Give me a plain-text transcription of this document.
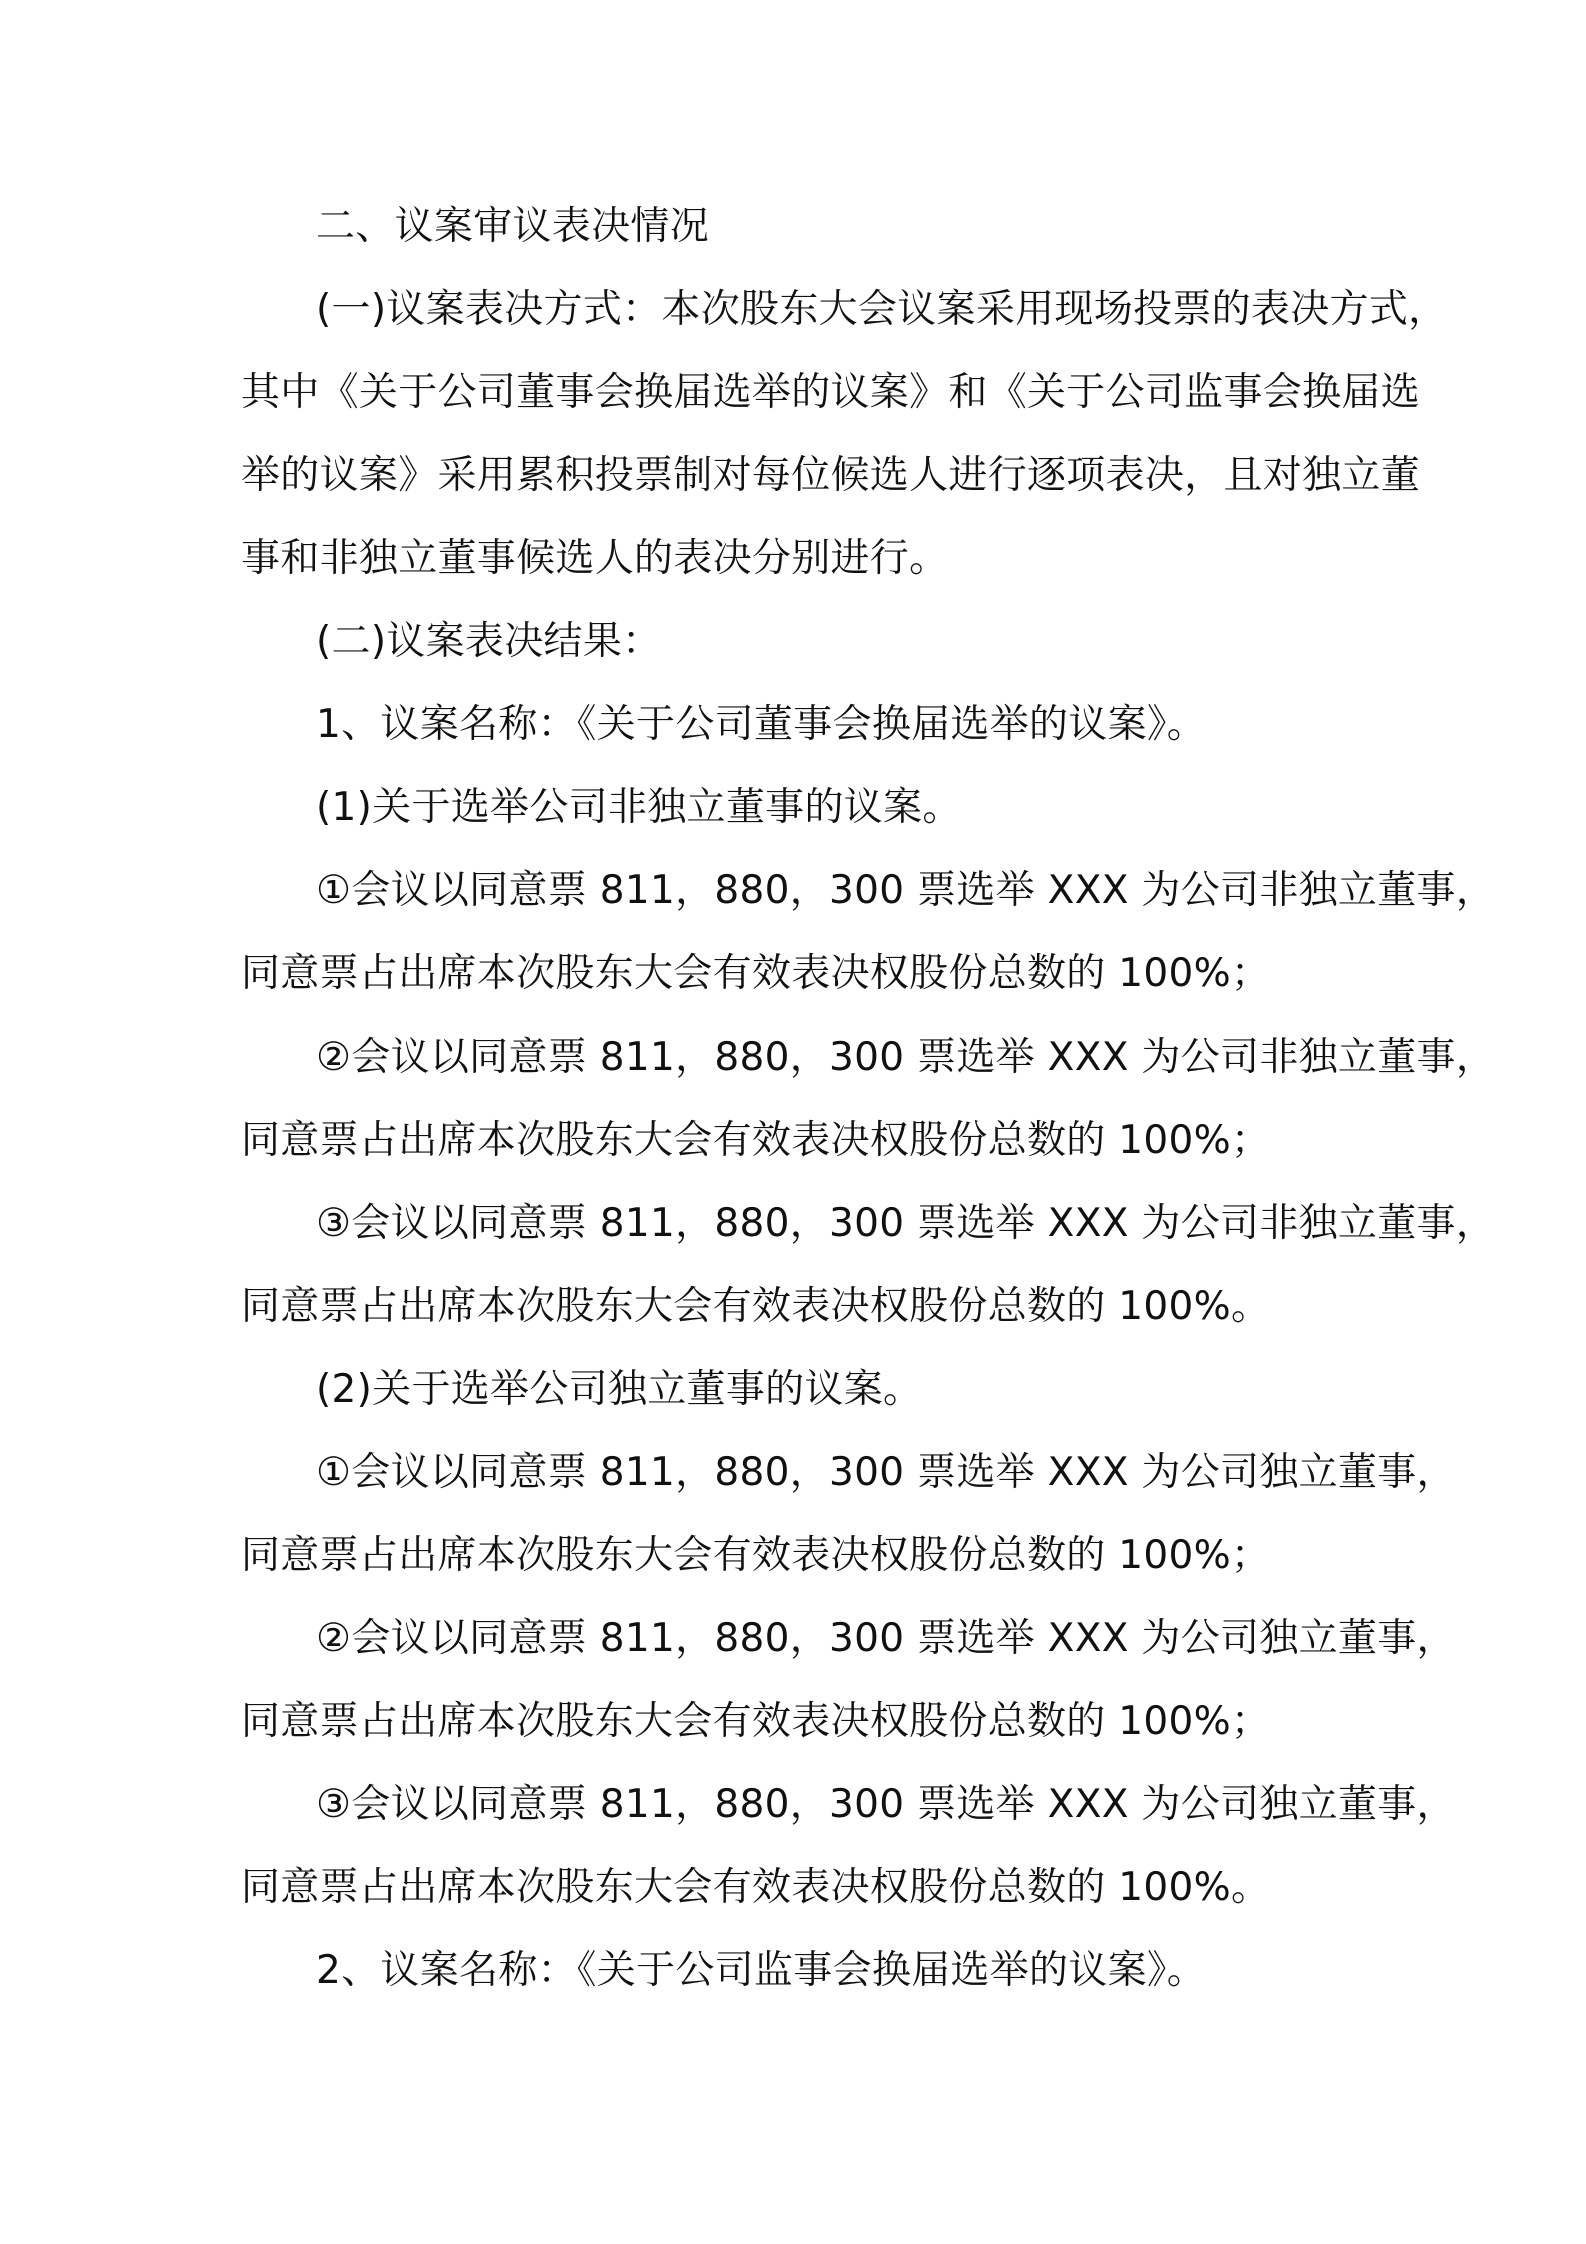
二、议案审议表决情况
(一)议案表决方式：本次股东大会议案采用现场投票的表决方式，
其中《关于公司董事会换届选举的议案》和《关于公司监事会换届选
举的议案》采用累积投票制对每位候选人进行逐项表决，且对独立董
事和非独立董事候选人的表决分别进行。
(二)议案表决结果：
1、议案名称：《关于公司董事会换届选举的议案》。
(1)关于选举公司非独立董事的议案。
①会议以同意票 811，880，300 票选举 XXX 为公司非独立董事，
同意票占出席本次股东大会有效表决权股份总数的 100%；
②会议以同意票 811，880，300 票选举 XXX 为公司非独立董事，
同意票占出席本次股东大会有效表决权股份总数的 100%；
③会议以同意票 811，880，300 票选举 XXX 为公司非独立董事，
同意票占出席本次股东大会有效表决权股份总数的 100%。
(2)关于选举公司独立董事的议案。
①会议以同意票 811，880，300 票选举 XXX 为公司独立董事，
同意票占出席本次股东大会有效表决权股份总数的 100%；
②会议以同意票 811，880，300 票选举 XXX 为公司独立董事，
同意票占出席本次股东大会有效表决权股份总数的 100%；
③会议以同意票 811，880，300 票选举 XXX 为公司独立董事，
同意票占出席本次股东大会有效表决权股份总数的 100%。
2、议案名称：《关于公司监事会换届选举的议案》。
